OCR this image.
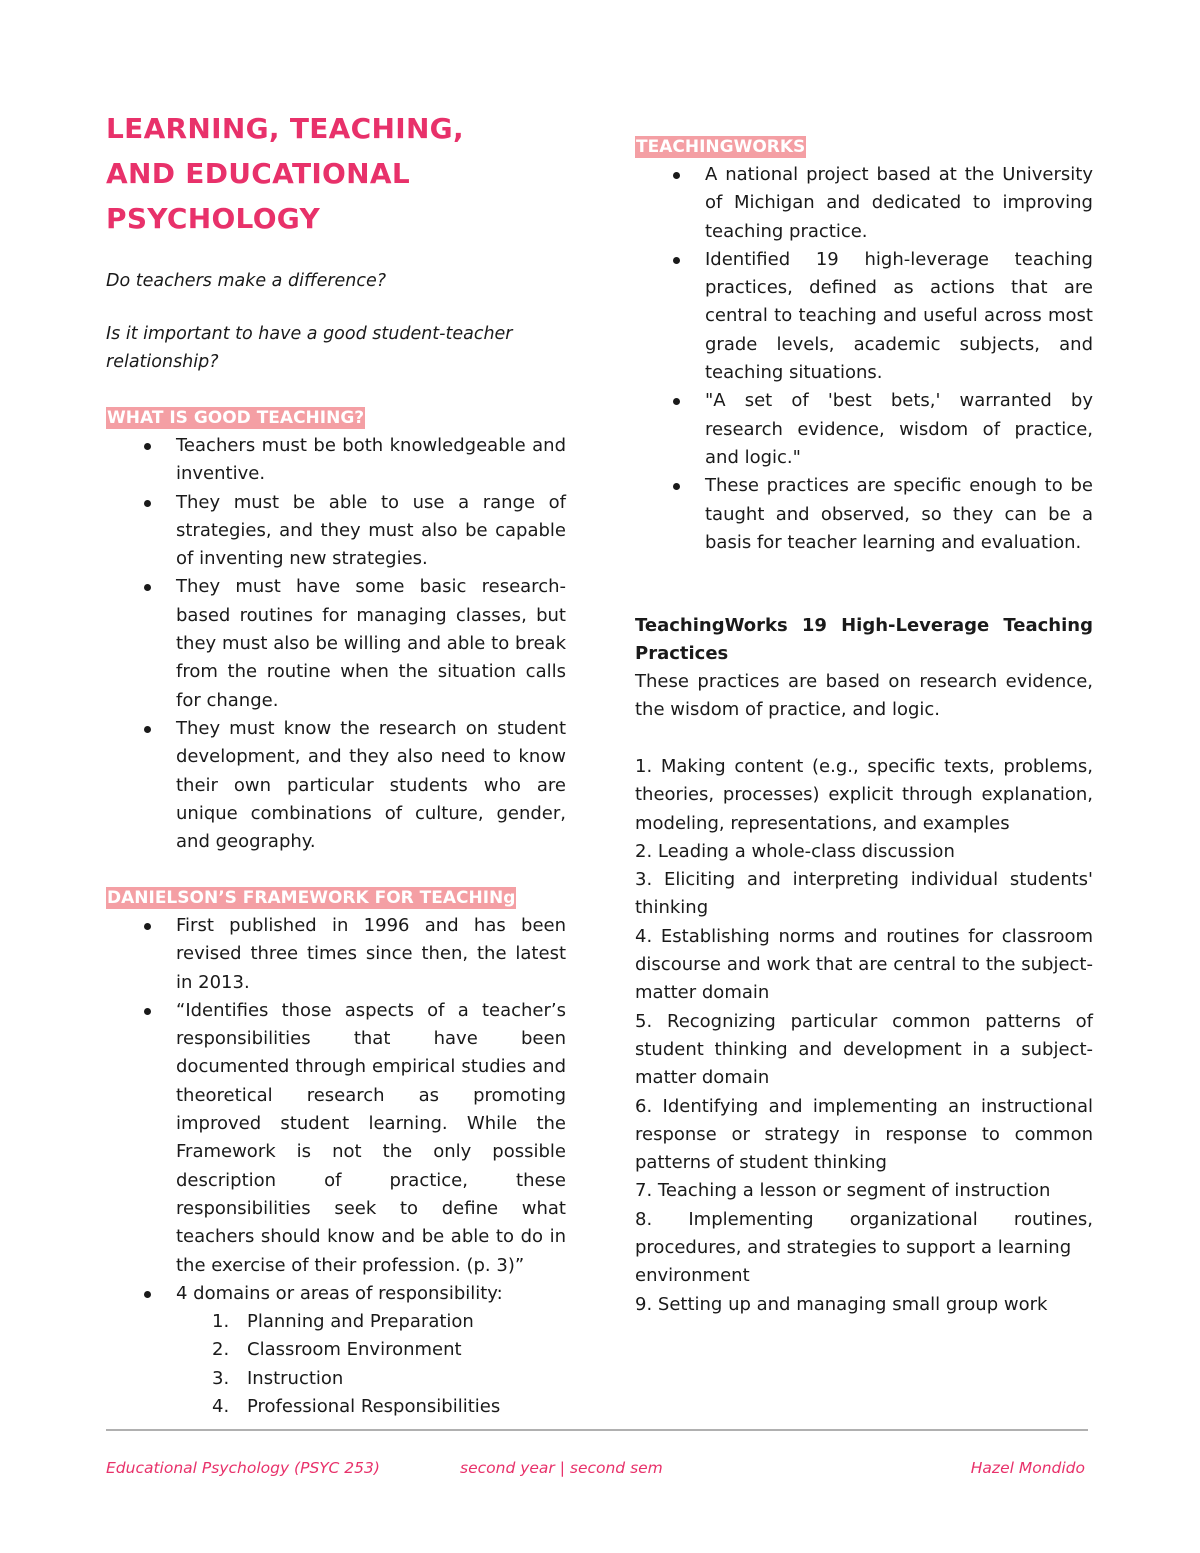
LEARNING, TEACHING,
AND EDUCATIONAL
PSYCHOLOGY

Do teachers make a difference?

Is it important to have a good student-teacher relationship?

WHAT IS GOOD TEACHING?
Teachers must be both knowledgeable and inventive.
They must be able to use a range of strategies, and they must also be capable of inventing new strategies.
They must have some basic research-based routines for managing classes, but they must also be willing and able to break from the routine when the situation calls for change.
They must know the research on student development, and they also need to know their own particular students who are unique combinations of culture, gender, and geography.
DANIELSON’S FRAMEWORK FOR TEACHINg
First published in 1996 and has been revised three times since then, the latest in 2013.
“Identifies those aspects of a teacher’s responsibilities that have been documented through empirical studies and theoretical research as promoting improved student learning. While the Framework is not the only possible description of practice, these responsibilities seek to define what teachers should know and be able to do in the exercise of their profession. (p. 3)”
4 domains or areas of responsibility:
1. Planning and Preparation
2. Classroom Environment
3. Instruction
4. Professional Responsibilities
TEACHINGWORKS
A national project based at the University of Michigan and dedicated to improving teaching practice.
Identified 19 high-leverage teaching practices, defined as actions that are central to teaching and useful across most grade levels, academic subjects, and teaching situations.
"A set of 'best bets,' warranted by research evidence, wisdom of practice, and logic."
These practices are specific enough to be taught and observed, so they can be a basis for teacher learning and evaluation.

TeachingWorks 19 High-Leverage Teaching Practices

These practices are based on research evidence, the wisdom of practice, and logic.

1. Making content (e.g., specific texts, problems, theories, processes) explicit through explanation, modeling, representations, and examples
2. Leading a whole-class discussion
3. Eliciting and interpreting individual students' thinking
4. Establishing norms and routines for classroom discourse and work that are central to the subject-matter domain
5. Recognizing particular common patterns of student thinking and development in a subject-matter domain
6. Identifying and implementing an instructional response or strategy in response to common patterns of student thinking
7. Teaching a lesson or segment of instruction
8. Implementing organizational routines, procedures, and strategies to support a learning
environment
9. Setting up and managing small group work
Educational Psychology (PSYC 253)	second year | second sem	Hazel Mondido
